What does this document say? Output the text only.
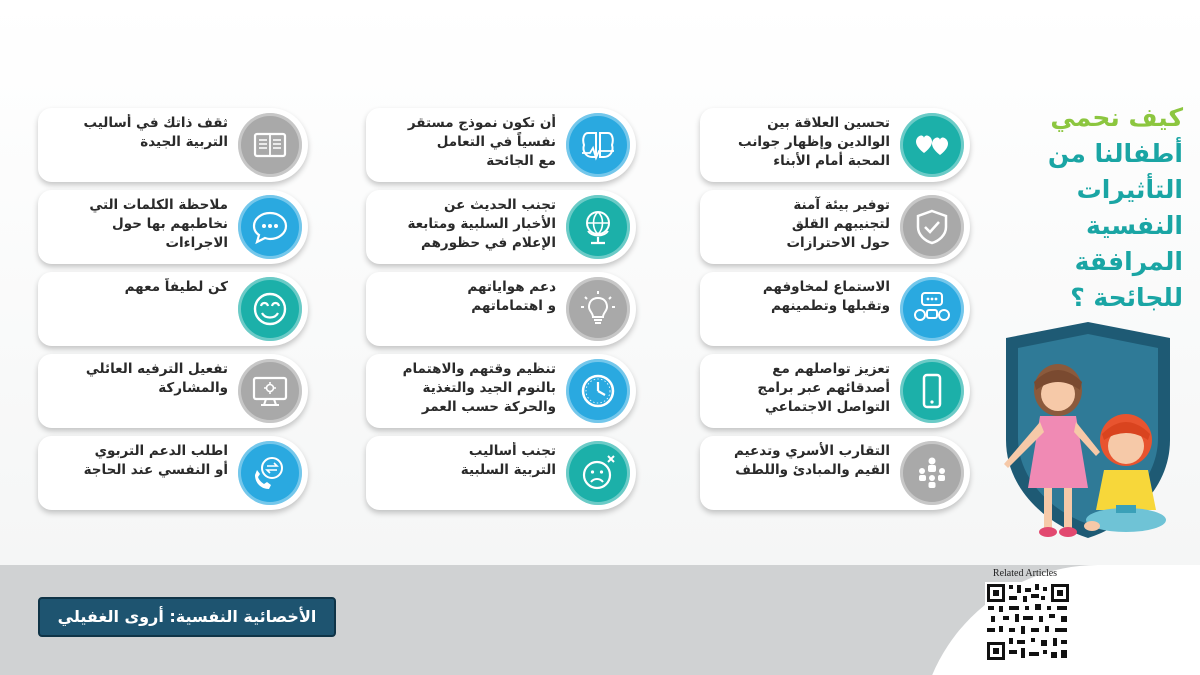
كيف نحمي
أطفالنا من
التأثيرات
النفسية
المرافقة
للجائحة ؟
تحسين العلاقة بين
الوالدين وإظهار جوانب
المحبة أمام الأبناء
توفير بيئة آمنة
لتجنيبهم القلق
حول الاحترازات
الاستماع لمخاوفهم
وتقبلها وتطمينهم
تعزيز تواصلهم مع
أصدقائهم عبر برامج
التواصل الاجتماعي
التقارب الأسري وتدعيم
القيم والمبادئ واللطف
أن تكون نموذج مستقر
نفسياً في التعامل
مع الجائحة
تجنب الحديث عن
الأخبار السلبية ومتابعة
الإعلام في حظورهم
دعم هواياتهم
و اهتماماتهم
تنظيم وقتهم والاهتمام
بالنوم الجيد والتغذية
والحركة حسب العمر
تجنب أساليب
التربية السلبية
ثقف ذاتك في أساليب
التربية الجيدة
ملاحظة الكلمات التي
نخاطبهم بها حول
الاجراءات
كن لطيفاً معهم
تفعيل الترفيه العائلي
والمشاركة
اطلب الدعم التربوي
أو النفسي عند الحاجة
الأخصائية النفسية: أروى الغفيلي
Related Articles
